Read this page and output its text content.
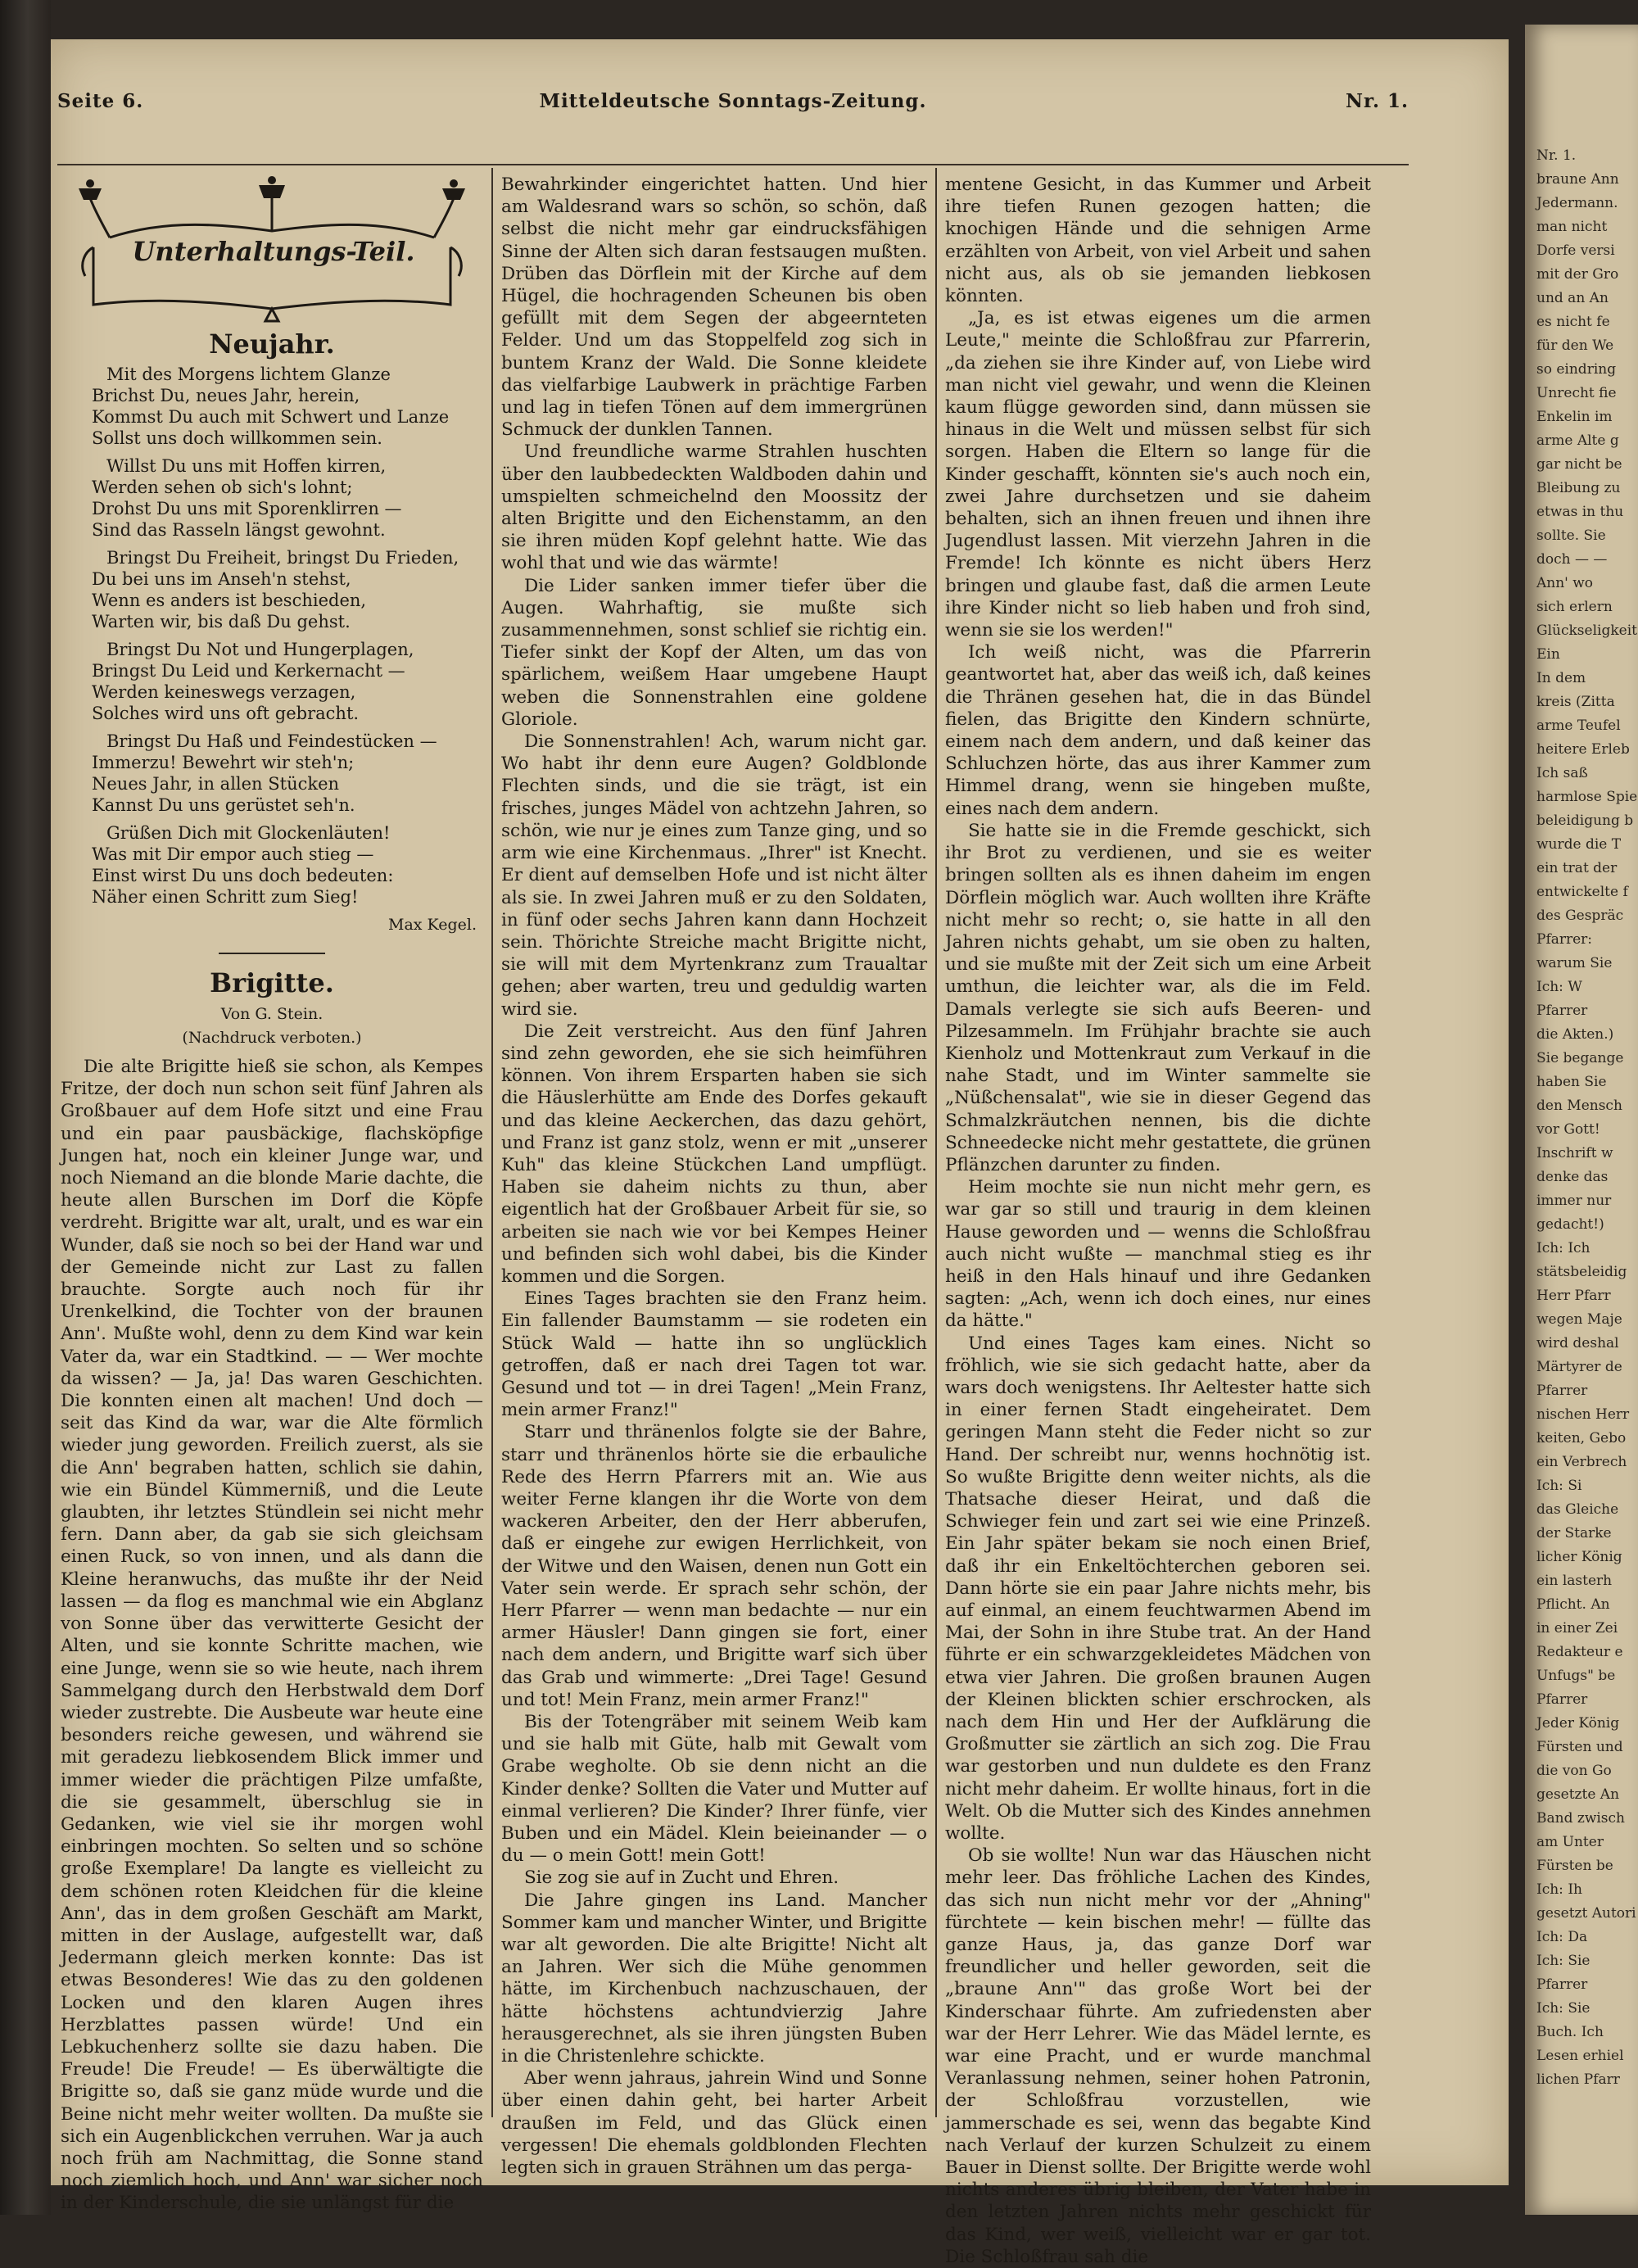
Seite 6.	Mitteldeutsche Sonntags-Zeitung.	Nr. 1.
Unterhaltungs-Teil.
Neujahr.
Mit des Morgens lichtem Glanze
Brichst Du, neues Jahr, herein,
Kommst Du auch mit Schwert und Lanze
Sollst uns doch willkommen sein.
Willst Du uns mit Hoffen kirren,
Werden sehen ob sich's lohnt;
Drohst Du uns mit Sporenklirren —
Sind das Rasseln längst gewohnt.
Bringst Du Freiheit, bringst Du Frieden,
Du bei uns im Anseh'n stehst,
Wenn es anders ist beschieden,
Warten wir, bis daß Du gehst.
Bringst Du Not und Hungerplagen,
Bringst Du Leid und Kerkernacht —
Werden keineswegs verzagen,
Solches wird uns oft gebracht.
Bringst Du Haß und Feindestücken —
Immerzu! Bewehrt wir steh'n;
Neues Jahr, in allen Stücken
Kannst Du uns gerüstet seh'n.
Grüßen Dich mit Glockenläuten!
Was mit Dir empor auch stieg —
Einst wirst Du uns doch bedeuten:
Näher einen Schritt zum Sieg!
Max Kegel.
Brigitte.
Von G. Stein.
(Nachdruck verboten.)

Die alte Brigitte hieß sie schon, als Kempes Fritze, der doch nun schon seit fünf Jahren als Großbauer auf dem Hofe sitzt und eine Frau und ein paar pausbäckige, flachsköpfige Jungen hat, noch ein kleiner Junge war, und noch Niemand an die blonde Marie dachte, die heute allen Burschen im Dorf die Köpfe verdreht. Brigitte war alt, uralt, und es war ein Wunder, daß sie noch so bei der Hand war und der Gemeinde nicht zur Last zu fallen brauchte. Sorgte auch noch für ihr Urenkelkind, die Tochter von der braunen Ann'. Mußte wohl, denn zu dem Kind war kein Vater da, war ein Stadtkind. — — Wer mochte da wissen? — Ja, ja! Das waren Geschichten. Die konnten einen alt machen! Und doch — seit das Kind da war, war die Alte förmlich wieder jung geworden. Freilich zuerst, als sie die Ann' begraben hatten, schlich sie dahin, wie ein Bündel Kümmerniß, und die Leute glaubten, ihr letztes Stündlein sei nicht mehr fern. Dann aber, da gab sie sich gleichsam einen Ruck, so von innen, und als dann die Kleine heranwuchs, das mußte ihr der Neid lassen — da flog es manchmal wie ein Abglanz von Sonne über das verwitterte Gesicht der Alten, und sie konnte Schritte machen, wie eine Junge, wenn sie so wie heute, nach ihrem Sammelgang durch den Herbstwald dem Dorf wieder zustrebte. Die Ausbeute war heute eine besonders reiche gewesen, und während sie mit geradezu liebkosendem Blick immer und immer wieder die prächtigen Pilze umfaßte, die sie gesammelt, überschlug sie in Gedanken, wie viel sie ihr morgen wohl einbringen mochten. So selten und so schöne große Exemplare! Da langte es vielleicht zu dem schönen roten Kleidchen für die kleine Ann', das in dem großen Geschäft am Markt, mitten in der Auslage, aufgestellt war, daß Jedermann gleich merken konnte: Das ist etwas Besonderes! Wie das zu den goldenen Locken und den klaren Augen ihres Herzblattes passen würde! Und ein Lebkuchenherz sollte sie dazu haben. Die Freude! Die Freude! — Es überwältigte die Brigitte so, daß sie ganz müde wurde und die Beine nicht mehr weiter wollten. Da mußte sie sich ein Augenblickchen verruhen. War ja auch noch früh am Nachmittag, die Sonne stand noch ziemlich hoch, und Ann' war sicher noch in der Kinderschule, die sie unlängst für die

Bewahrkinder eingerichtet hatten. Und hier am Waldesrand wars so schön, so schön, daß selbst die nicht mehr gar eindrucksfähigen Sinne der Alten sich daran festsaugen mußten. Drüben das Dörflein mit der Kirche auf dem Hügel, die hochragenden Scheunen bis oben gefüllt mit dem Segen der abgeernteten Felder. Und um das Stoppelfeld zog sich in buntem Kranz der Wald. Die Sonne kleidete das vielfarbige Laubwerk in prächtige Farben und lag in tiefen Tönen auf dem immergrünen Schmuck der dunklen Tannen.

Und freundliche warme Strahlen huschten über den laubbedeckten Waldboden dahin und umspielten schmeichelnd den Moossitz der alten Brigitte und den Eichenstamm, an den sie ihren müden Kopf gelehnt hatte. Wie das wohl that und wie das wärmte!

Die Lider sanken immer tiefer über die Augen. Wahrhaftig, sie mußte sich zusammennehmen, sonst schlief sie richtig ein. Tiefer sinkt der Kopf der Alten, um das von spärlichem, weißem Haar umgebene Haupt weben die Sonnenstrahlen eine goldene Gloriole.

Die Sonnenstrahlen! Ach, warum nicht gar. Wo habt ihr denn eure Augen? Goldblonde Flechten sinds, und die sie trägt, ist ein frisches, junges Mädel von achtzehn Jahren, so schön, wie nur je eines zum Tanze ging, und so arm wie eine Kirchenmaus. „Ihrer" ist Knecht. Er dient auf demselben Hofe und ist nicht älter als sie. In zwei Jahren muß er zu den Soldaten, in fünf oder sechs Jahren kann dann Hochzeit sein. Thörichte Streiche macht Brigitte nicht, sie will mit dem Myrtenkranz zum Traualtar gehen; aber warten, treu und geduldig warten wird sie.

Die Zeit verstreicht. Aus den fünf Jahren sind zehn geworden, ehe sie sich heimführen können. Von ihrem Ersparten haben sie sich die Häuslerhütte am Ende des Dorfes gekauft und das kleine Aeckerchen, das dazu gehört, und Franz ist ganz stolz, wenn er mit „unserer Kuh" das kleine Stückchen Land umpflügt. Haben sie daheim nichts zu thun, aber eigentlich hat der Großbauer Arbeit für sie, so arbeiten sie nach wie vor bei Kempes Heiner und befinden sich wohl dabei, bis die Kinder kommen und die Sorgen.

Eines Tages brachten sie den Franz heim. Ein fallender Baumstamm — sie rodeten ein Stück Wald — hatte ihn so unglücklich getroffen, daß er nach drei Tagen tot war. Gesund und tot — in drei Tagen! „Mein Franz, mein armer Franz!"

Starr und thränenlos folgte sie der Bahre, starr und thränenlos hörte sie die erbauliche Rede des Herrn Pfarrers mit an. Wie aus weiter Ferne klangen ihr die Worte von dem wackeren Arbeiter, den der Herr abberufen, daß er eingehe zur ewigen Herrlichkeit, von der Witwe und den Waisen, denen nun Gott ein Vater sein werde. Er sprach sehr schön, der Herr Pfarrer — wenn man bedachte — nur ein armer Häusler! Dann gingen sie fort, einer nach dem andern, und Brigitte warf sich über das Grab und wimmerte: „Drei Tage! Gesund und tot! Mein Franz, mein armer Franz!"

Bis der Totengräber mit seinem Weib kam und sie halb mit Güte, halb mit Gewalt vom Grabe wegholte. Ob sie denn nicht an die Kinder denke? Sollten die Vater und Mutter auf einmal verlieren? Die Kinder? Ihrer fünfe, vier Buben und ein Mädel. Klein beieinander — o du — o mein Gott! mein Gott!

Sie zog sie auf in Zucht und Ehren.

Die Jahre gingen ins Land. Mancher Sommer kam und mancher Winter, und Brigitte war alt geworden. Die alte Brigitte! Nicht alt an Jahren. Wer sich die Mühe genommen hätte, im Kirchenbuch nachzuschauen, der hätte höchstens achtundvierzig Jahre herausgerechnet, als sie ihren jüngsten Buben in die Christenlehre schickte.

Aber wenn jahraus, jahrein Wind und Sonne über einen dahin geht, bei harter Arbeit draußen im Feld, und das Glück einen vergessen! Die ehemals goldblonden Flechten legten sich in grauen Strähnen um das perga-

mentene Gesicht, in das Kummer und Arbeit ihre tiefen Runen gezogen hatten; die knochigen Hände und die sehnigen Arme erzählten von Arbeit, von viel Arbeit und sahen nicht aus, als ob sie jemanden liebkosen könnten.

„Ja, es ist etwas eigenes um die armen Leute," meinte die Schloßfrau zur Pfarrerin, „da ziehen sie ihre Kinder auf, von Liebe wird man nicht viel gewahr, und wenn die Kleinen kaum flügge geworden sind, dann müssen sie hinaus in die Welt und müssen selbst für sich sorgen. Haben die Eltern so lange für die Kinder geschafft, könnten sie's auch noch ein, zwei Jahre durchsetzen und sie daheim behalten, sich an ihnen freuen und ihnen ihre Jugendlust lassen. Mit vierzehn Jahren in die Fremde! Ich könnte es nicht übers Herz bringen und glaube fast, daß die armen Leute ihre Kinder nicht so lieb haben und froh sind, wenn sie sie los werden!"

Ich weiß nicht, was die Pfarrerin geantwortet hat, aber das weiß ich, daß keines die Thränen gesehen hat, die in das Bündel fielen, das Brigitte den Kindern schnürte, einem nach dem andern, und daß keiner das Schluchzen hörte, das aus ihrer Kammer zum Himmel drang, wenn sie hingeben mußte, eines nach dem andern.

Sie hatte sie in die Fremde geschickt, sich ihr Brot zu verdienen, und sie es weiter bringen sollten als es ihnen daheim im engen Dörflein möglich war. Auch wollten ihre Kräfte nicht mehr so recht; o, sie hatte in all den Jahren nichts gehabt, um sie oben zu halten, und sie mußte mit der Zeit sich um eine Arbeit umthun, die leichter war, als die im Feld. Damals verlegte sie sich aufs Beeren- und Pilzesammeln. Im Frühjahr brachte sie auch Kienholz und Mottenkraut zum Verkauf in die nahe Stadt, und im Winter sammelte sie „Nüßchensalat", wie sie in dieser Gegend das Schmalzkräutchen nennen, bis die dichte Schneedecke nicht mehr gestattete, die grünen Pflänzchen darunter zu finden.

Heim mochte sie nun nicht mehr gern, es war gar so still und traurig in dem kleinen Hause geworden und — wenns die Schloßfrau auch nicht wußte — manchmal stieg es ihr heiß in den Hals hinauf und ihre Gedanken sagten: „Ach, wenn ich doch eines, nur eines da hätte."

Und eines Tages kam eines. Nicht so fröhlich, wie sie sich gedacht hatte, aber da wars doch wenigstens. Ihr Aeltester hatte sich in einer fernen Stadt eingeheiratet. Dem geringen Mann steht die Feder nicht so zur Hand. Der schreibt nur, wenns hochnötig ist. So wußte Brigitte denn weiter nichts, als die Thatsache dieser Heirat, und daß die Schwieger fein und zart sei wie eine Prinzeß. Ein Jahr später bekam sie noch einen Brief, daß ihr ein Enkeltöchterchen geboren sei. Dann hörte sie ein paar Jahre nichts mehr, bis auf einmal, an einem feuchtwarmen Abend im Mai, der Sohn in ihre Stube trat. An der Hand führte er ein schwarzgekleidetes Mädchen von etwa vier Jahren. Die großen braunen Augen der Kleinen blickten schier erschrocken, als nach dem Hin und Her der Aufklärung die Großmutter sie zärtlich an sich zog. Die Frau war gestorben und nun duldete es den Franz nicht mehr daheim. Er wollte hinaus, fort in die Welt. Ob die Mutter sich des Kindes annehmen wollte.

Ob sie wollte! Nun war das Häuschen nicht mehr leer. Das fröhliche Lachen des Kindes, das sich nun nicht mehr vor der „Ahning" fürchtete — kein bischen mehr! — füllte das ganze Haus, ja, das ganze Dorf war freundlicher und heller geworden, seit die „braune Ann'" das große Wort bei der Kinderschaar führte. Am zufriedensten aber war der Herr Lehrer. Wie das Mädel lernte, es war eine Pracht, und er wurde manchmal Veranlassung nehmen, seiner hohen Patronin, der Schloßfrau vorzustellen, wie jammerschade es sei, wenn das begabte Kind nach Verlauf der kurzen Schulzeit zu einem Bauer in Dienst sollte. Der Brigitte werde wohl nichts anderes übrig bleiben, der Vater habe in den letzten Jahren nichts mehr geschickt für das Kind, wer weiß, vielleicht war er gar tot. Die Schloßfrau sah die

Nr. 1.
braune Ann
Jedermann.
man nicht
Dorfe versi
mit der Gro
und an An
es nicht fe
für den We
so eindring
Unrecht fie
Enkelin im
arme Alte g
gar nicht be
Bleibung zu
etwas in thu
sollte. Sie
doch — —
Ann' wo
sich erlern
Glückseligkeit
Ein
In dem
kreis (Zitta
arme Teufel
heitere Erleb
Ich saß
harmlose Spie
beleidigung b
wurde die T
ein trat der
entwickelte f
des Gespräc
Pfarrer:
warum Sie
Ich: W
Pfarrer
die Akten.)
Sie begange
haben Sie
den Mensch
vor Gott!
Inschrift w
denke das
immer nur
gedacht!)
Ich: Ich
stätsbeleidig
Herr Pfarr
wegen Maje
wird deshal
Märtyrer de
Pfarrer
nischen Herr
keiten, Gebo
ein Verbrech
Ich: Si
das Gleiche
der Starke
licher König
ein lasterh
Pflicht. An
in einer Zei
Redakteur e
Unfugs" be
Pfarrer
Jeder König
Fürsten und
die von Go
gesetzte An
Band zwisch
am Unter
Fürsten be
Ich: Ih
gesetzt Autori
Ich: Da
Ich: Sie
Pfarrer
Ich: Sie
Buch. Ich
Lesen erhiel
lichen Pfarr
